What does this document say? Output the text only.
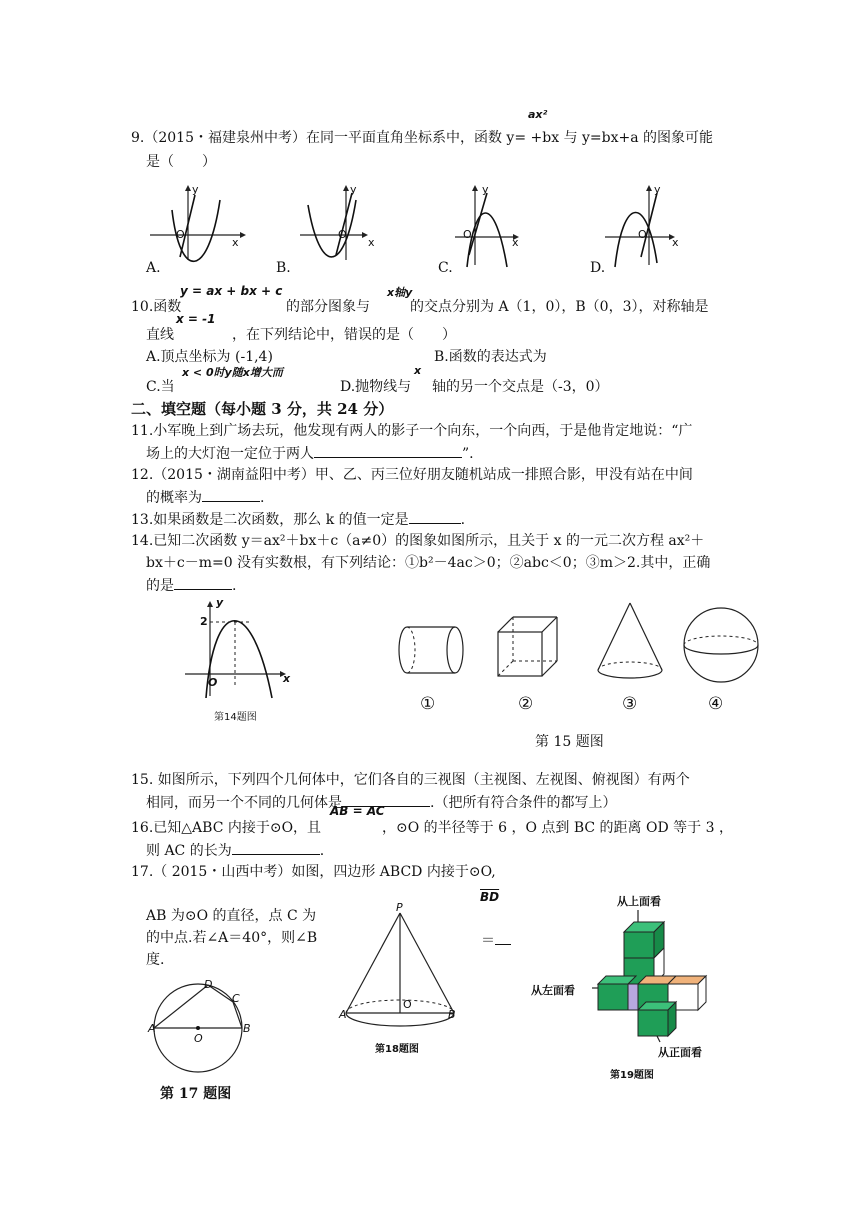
9.（2015・福建泉州中考）在同一平面直角坐标系中，函数 y= +bx 与 y=bx+a 的图象可能
ax²
是（　　）
y
x
O
A.
y
x
O
B.
y
x
O
C.
y
x
O
D.
10.函数
y = ax + bx + c
的部分图象与
x轴y
的交点分别为 A（1，0），B（0，3），对称轴是
直线
x = -1
，在下列结论中，错误的是（　　）
A.顶点坐标为 (-1,4)	B.函数的表达式为
C.当
x < 0时y随x增大而
D.抛物线与
x
轴的另一个交点是（-3，0）
二、填空题（每小题 3 分，共 24 分）
11.小军晚上到广场去玩，他发现有两人的影子一个向东，一个向西，于是他肯定地说：“广
场上的大灯泡一定位于两人	”.
12.（2015・湖南益阳中考）甲、乙、丙三位好朋友随机站成一排照合影，甲没有站在中间
的概率为	.
13.如果函数是二次函数，那么 k 的值一定是	.
14.已知二次函数 y＝ax²＋bx＋c（a≠0）的图象如图所示，且关于 x 的一元二次方程 ax²＋
bx＋c－m=0 没有实数根，有下列结论：①b²－4ac＞0；②abc＜0；③m＞2.其中，正确
的是	.
y
x
O
2
第14题图
①	②	③	④
第 15 题图
15. 如图所示，下列四个几何体中，它们各自的三视图（主视图、左视图、俯视图）有两个
相同，而另一个不同的几何体是	.（把所有符合条件的都写上）
16.已知△ABC 内接于⊙O，且
AB = AC
，⊙O 的半径等于 6 ，O 点到 BC 的距离 OD 等于 3 ，
则 AC 的长为	.
17.（ 2015・山西中考）如图，四边形 ABCD 内接于⊙O,
AB 为⊙O 的直径，点 C 为
的中点.若∠A＝40°，则∠B
度.
$\overline{BD}$
＝
A	B
C
D
O
第 17 题图
P
A	B
O
第18题图
从上面看
从左面看
从正面看
第19题图
